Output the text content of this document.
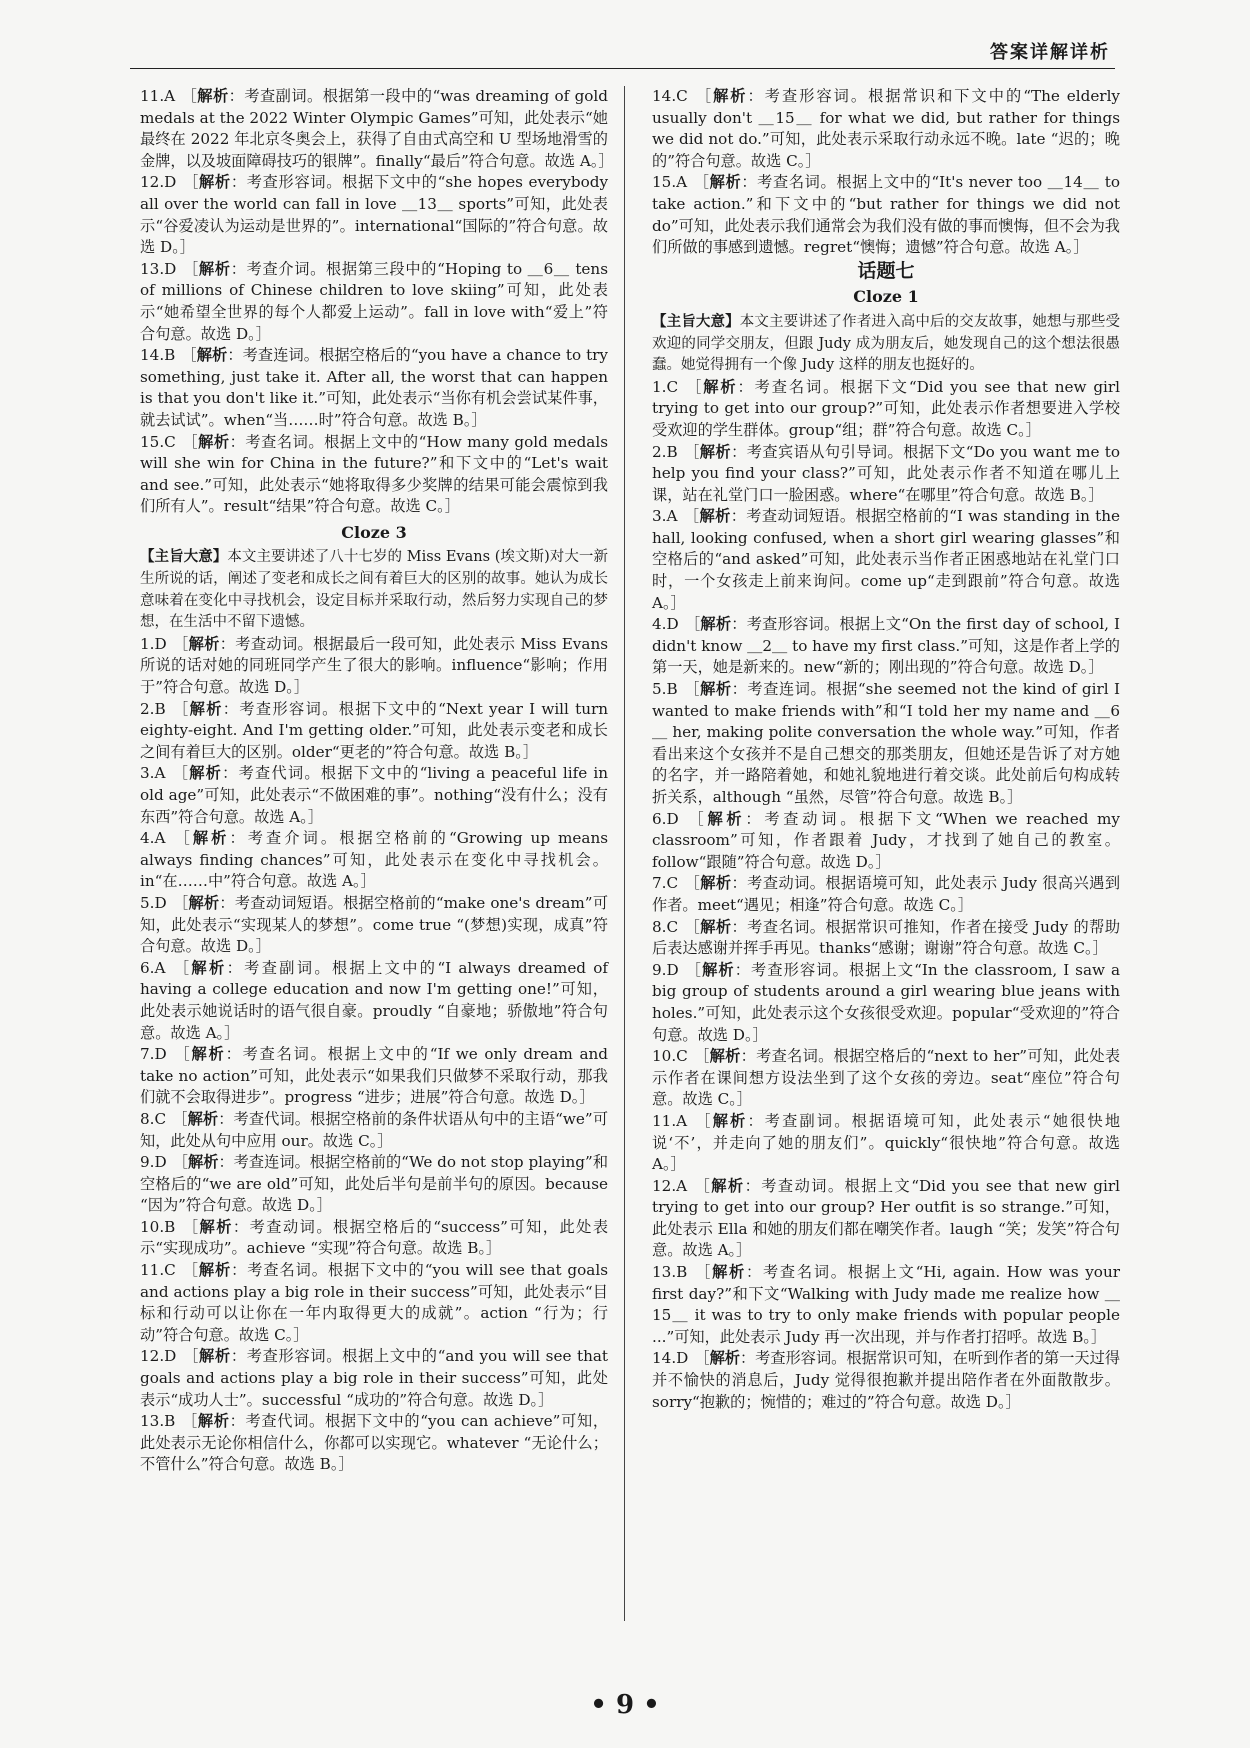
答案详解详析

11.A ［解析：考查副词。根据第一段中的“was dreaming of gold medals at the 2022 Winter Olympic Games”可知，此处表示“她最终在 2022 年北京冬奥会上，获得了自由式高空和 U 型场地滑雪的金牌，以及坡面障碍技巧的银牌”。finally“最后”符合句意。故选 A。］

12.D ［解析：考查形容词。根据下文中的“she hopes everybody all over the world can fall in love ＿13＿ sports”可知，此处表示“谷爱凌认为运动是世界的”。international“国际的”符合句意。故选 D。］

13.D ［解析：考查介词。根据第三段中的“Hoping to ＿6＿ tens of millions of Chinese children to love skiing”可知，此处表示“她希望全世界的每个人都爱上运动”。fall in love with“爱上”符合句意。故选 D。］

14.B ［解析：考查连词。根据空格后的“you have a chance to try something, just take it. After all, the worst that can happen is that you don't like it.”可知，此处表示“当你有机会尝试某件事，就去试试”。when“当……时”符合句意。故选 B。］

15.C ［解析：考查名词。根据上文中的“How many gold medals will she win for China in the future?”和下文中的“Let's wait and see.”可知，此处表示“她将取得多少奖牌的结果可能会震惊到我们所有人”。result“结果”符合句意。故选 C。］

Cloze 3

【主旨大意】本文主要讲述了八十七岁的 Miss Evans (埃文斯)对大一新生所说的话，阐述了变老和成长之间有着巨大的区别的故事。她认为成长意味着在变化中寻找机会，设定目标并采取行动，然后努力实现自己的梦想，在生活中不留下遗憾。

1.D ［解析：考查动词。根据最后一段可知，此处表示 Miss Evans 所说的话对她的同班同学产生了很大的影响。influence“影响；作用于”符合句意。故选 D。］

2.B ［解析：考查形容词。根据下文中的“Next year I will turn eighty-eight. And I'm getting older.”可知，此处表示变老和成长之间有着巨大的区别。older“更老的”符合句意。故选 B。］

3.A ［解析：考查代词。根据下文中的“living a peaceful life in old age”可知，此处表示“不做困难的事”。nothing“没有什么；没有东西”符合句意。故选 A。］

4.A ［解析：考查介词。根据空格前的“Growing up means always finding chances”可知，此处表示在变化中寻找机会。in“在……中”符合句意。故选 A。］

5.D ［解析：考查动词短语。根据空格前的“make one's dream”可知，此处表示“实现某人的梦想”。come true “(梦想)实现，成真”符合句意。故选 D。］

6.A ［解析：考查副词。根据上文中的“I always dreamed of having a college education and now I'm getting one!”可知，此处表示她说话时的语气很自豪。proudly “自豪地；骄傲地”符合句意。故选 A。］

7.D ［解析：考查名词。根据上文中的“If we only dream and take no action”可知，此处表示“如果我们只做梦不采取行动，那我们就不会取得进步”。progress “进步；进展”符合句意。故选 D。］

8.C ［解析：考查代词。根据空格前的条件状语从句中的主语“we”可知，此处从句中应用 our。故选 C。］

9.D ［解析：考查连词。根据空格前的“We do not stop playing”和空格后的“we are old”可知，此处后半句是前半句的原因。because “因为”符合句意。故选 D。］

10.B ［解析：考查动词。根据空格后的“success”可知，此处表示“实现成功”。achieve “实现”符合句意。故选 B。］

11.C ［解析：考查名词。根据下文中的“you will see that goals and actions play a big role in their success”可知，此处表示“目标和行动可以让你在一年内取得更大的成就”。action “行为；行动”符合句意。故选 C。］

12.D ［解析：考查形容词。根据上文中的“and you will see that goals and actions play a big role in their success”可知，此处表示“成功人士”。successful “成功的”符合句意。故选 D。］

13.B ［解析：考查代词。根据下文中的“you can achieve”可知，此处表示无论你相信什么，你都可以实现它。whatever “无论什么；不管什么”符合句意。故选 B。］

14.C ［解析：考查形容词。根据常识和下文中的“The elderly usually don't ＿15＿ for what we did, but rather for things we did not do.”可知，此处表示采取行动永远不晚。late “迟的；晚的”符合句意。故选 C。］

15.A ［解析：考查名词。根据上文中的“It's never too ＿14＿ to take action.”和下文中的“but rather for things we did not do”可知，此处表示我们通常会为我们没有做的事而懊悔，但不会为我们所做的事感到遗憾。regret“懊悔；遗憾”符合句意。故选 A。］

话题七
Cloze 1

【主旨大意】本文主要讲述了作者进入高中后的交友故事，她想与那些受欢迎的同学交朋友，但跟 Judy 成为朋友后，她发现自己的这个想法很愚蠢。她觉得拥有一个像 Judy 这样的朋友也挺好的。

1.C ［解析：考查名词。根据下文“Did you see that new girl trying to get into our group?”可知，此处表示作者想要进入学校受欢迎的学生群体。group“组；群”符合句意。故选 C。］

2.B ［解析：考查宾语从句引导词。根据下文“Do you want me to help you find your class?”可知，此处表示作者不知道在哪儿上课，站在礼堂门口一脸困惑。where“在哪里”符合句意。故选 B。］

3.A ［解析：考查动词短语。根据空格前的“I was standing in the hall, looking confused, when a short girl wearing glasses”和空格后的“and asked”可知，此处表示当作者正困惑地站在礼堂门口时，一个女孩走上前来询问。come up“走到跟前”符合句意。故选 A。］

4.D ［解析：考查形容词。根据上文“On the first day of school, I didn't know ＿2＿ to have my first class.”可知，这是作者上学的第一天，她是新来的。new“新的；刚出现的”符合句意。故选 D。］

5.B ［解析：考查连词。根据“she seemed not the kind of girl I wanted to make friends with”和“I told her my name and ＿6＿ her, making polite conversation the whole way.”可知，作者看出来这个女孩并不是自己想交的那类朋友，但她还是告诉了对方她的名字，并一路陪着她，和她礼貌地进行着交谈。此处前后句构成转折关系，although “虽然，尽管”符合句意。故选 B。］

6.D ［解析：考查动词。根据下文“When we reached my classroom”可知，作者跟着 Judy，才找到了她自己的教室。follow“跟随”符合句意。故选 D。］

7.C ［解析：考查动词。根据语境可知，此处表示 Judy 很高兴遇到作者。meet“遇见；相逢”符合句意。故选 C。］

8.C ［解析：考查名词。根据常识可推知，作者在接受 Judy 的帮助后表达感谢并挥手再见。thanks“感谢；谢谢”符合句意。故选 C。］

9.D ［解析：考查形容词。根据上文“In the classroom, I saw a big group of students around a girl wearing blue jeans with holes.”可知，此处表示这个女孩很受欢迎。popular“受欢迎的”符合句意。故选 D。］

10.C ［解析：考查名词。根据空格后的“next to her”可知，此处表示作者在课间想方设法坐到了这个女孩的旁边。seat“座位”符合句意。故选 C。］

11.A ［解析：考查副词。根据语境可知，此处表示“她很快地说‘不’，并走向了她的朋友们”。quickly“很快地”符合句意。故选 A。］

12.A ［解析：考查动词。根据上文“Did you see that new girl trying to get into our group? Her outfit is so strange.”可知，此处表示 Ella 和她的朋友们都在嘲笑作者。laugh “笑；发笑”符合句意。故选 A。］

13.B ［解析：考查名词。根据上文“Hi, again. How was your first day?”和下文“Walking with Judy made me realize how ＿15＿ it was to try to only make friends with popular people ...”可知，此处表示 Judy 再一次出现，并与作者打招呼。故选 B。］

14.D ［解析：考查形容词。根据常识可知，在听到作者的第一天过得并不愉快的消息后，Judy 觉得很抱歉并提出陪作者在外面散散步。sorry“抱歉的；惋惜的；难过的”符合句意。故选 D。］

• 9 •
